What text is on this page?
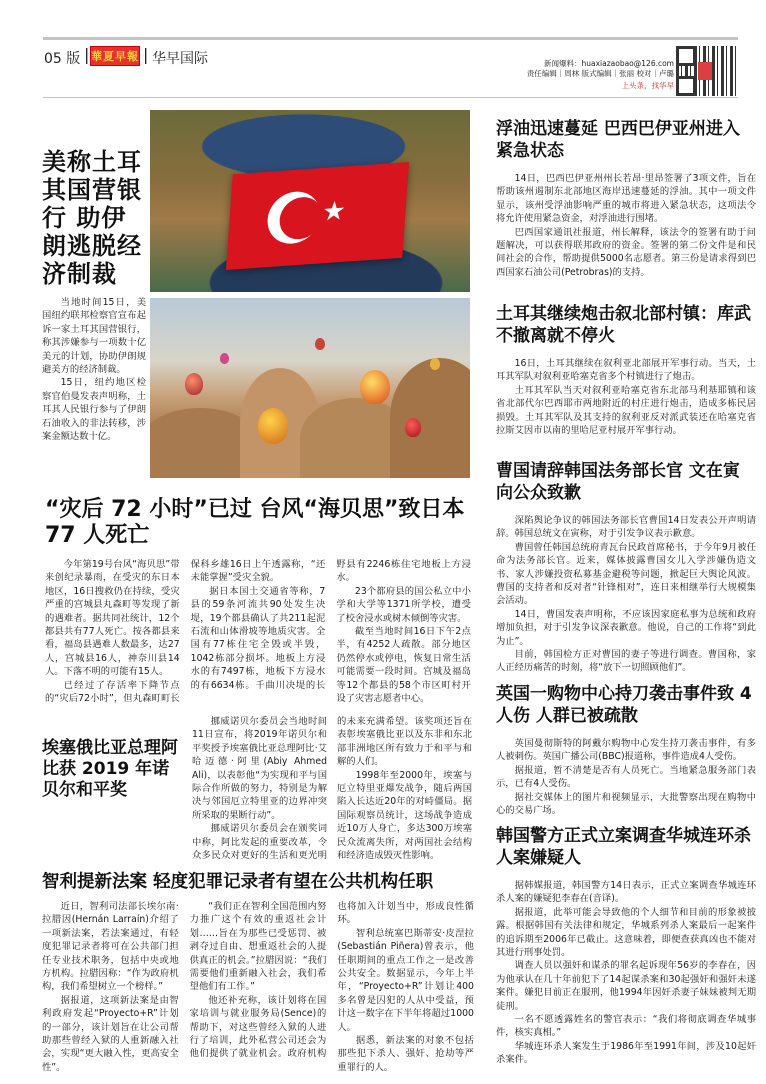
05 版 | 華夏早報 | 华早国际	新闻爆料：huaxiazaobao@126.com
责任编辑｜周林 版式编辑｜张丽 校对｜卢璐
上头条，找华早
美称土耳其国营银行 助伊朗逃脱经济制裁

当地时间15日，美国纽约联邦检察官宣布起诉一家土耳其国营银行，称其涉嫌参与一项数十亿美元的计划，协助伊朗规避美方的经济制裁。

15日，纽约地区检察官伯曼发表声明称，土耳其人民银行参与了伊朗石油收入的非法转移，涉案金额达数十亿。

★
“灾后 72 小时”已过 台风“海贝思”致日本 77 人死亡

今年第19号台风“海贝思”带来创纪录暴雨，在受灾的东日本地区，16日搜救仍在持续，受灾严重的宫城县丸森町等发现了新的遇难者。据共同社统计，12个都县共有77人死亡。按各都县来看，福岛县遇难人数最多，达27人，宫城县16人，神奈川县14人。下落不明的可能有15人。

已经过了存活率下降节点的“灾后72小时”，但丸森町町长保科乡雄16日上午透露称，“还未能掌握”受灾全貌。

据日本国土交通省等称，7县的59条河流共90处发生决堤，19个都县确认了共211起泥石流和山体滑坡等地质灾害。全国有77栋住宅全毁或半毁，1042栋部分损坏。地板上方浸水的有7497栋，地板下方浸水的有6634栋。千曲川决堤的长野县有2246栋住宅地板上方浸水。

23个都府县的国公私立中小学和大学等1371所学校，遭受了校舍浸水或树木倾倒等灾害。

截至当地时间16日下午2点半，有4252人疏散。部分地区仍然停水或停电，恢复日常生活可能需要一段时间。宫城及福岛等12个都县的58个市区町村开设了灾害志愿者中心。

埃塞俄比亚总理阿比获 2019 年诺贝尔和平奖

挪威诺贝尔委员会当地时间11日宣布，将2019年诺贝尔和平奖授予埃塞俄比亚总理阿比·艾哈迈德·阿里(Abiy Ahmed Ali)，以表彰他“为实现和平与国际合作所做的努力，特别是为解决与邻国厄立特里亚的边界冲突所采取的果断行动”。

挪威诺贝尔委员会在颁奖词中称，阿比发起的重要改革，令众多民众对更好的生活和更光明的未来充满希望。该奖项还旨在表彰埃塞俄比亚以及东非和东北部非洲地区所有致力于和平与和解的人们。

1998年至2000年，埃塞与厄立特里亚爆发战争，随后两国陷入长达近20年的对峙僵局。据国际观察员统计，这场战争造成近10万人身亡，多达300万埃塞民众流离失所，对两国社会结构和经济造成毁灭性影响。

智利提新法案 轻度犯罪记录者有望在公共机构任职

近日，智利司法部长埃尔南·拉腊因(Hernán Larraín)介绍了一项新法案，若法案通过，有轻度犯罪记录者将可在公共部门担任专业技术职务，包括中央或地方机构。拉腊因称：“作为政府机构，我们希望树立一个榜样。”

据报道，这项新法案是由智利政府发起“Proyecto+R”计划的一部分，该计划旨在让公司帮助那些曾经入狱的人重新融入社会，实现“更大融入性，更高安全性”。

“我们正在智利全国范围内努力推广这个有效的重返社会计划……旨在为那些已受惩罚、被剥夺过自由、想重返社会的人提供真正的机会。”拉腊因说：“我们需要他们重新融入社会，我们希望他们有工作。”

他还补充称，该计划将在国家培训与就业服务局(Sence)的帮助下，对这些曾经入狱的人进行了培训，此外私营公司还会为他们提供了就业机会。政府机构也将加入计划当中，形成良性循环。

智利总统塞巴斯蒂安·皮涅拉(Sebastián Piñera)曾表示，他任职期间的重点工作之一是改善公共安全。数据显示，今年上半年，“Proyecto+R”计划让400多名曾是囚犯的人从中受益，预计这一数字在下半年将超过1000人。

据悉，新法案的对象不包括那些犯下杀人、强奸、抢劫等严重罪行的人。

浮油迅速蔓延 巴西巴伊亚州进入紧急状态

14日，巴西巴伊亚州州长若昂·里昂签署了3项文件，旨在帮助该州遏制东北部地区海岸迅速蔓延的浮油。其中一项文件显示，该州受浮油影响严重的城市将进入紧急状态，这项法令将允许使用紧急资金，对浮油进行围堵。

巴西国家通讯社报道，州长解释，该法令的签署有助于问题解决，可以获得联邦政府的资金。签署的第二份文件是和民间社会的合作，帮助提供5000名志愿者。第三份是请求得到巴西国家石油公司(Petrobras)的支持。

土耳其继续炮击叙北部村镇：库武不撤离就不停火

16日，土耳其继续在叙利亚北部展开军事行动。当天，土耳其军队对叙利亚哈塞克省多个村镇进行了炮击。

土耳其军队当天对叙利亚哈塞克省东北部马利基耶镇和该省北部代尔巴西耶市两地附近的村庄进行炮击，造成多栋民居损毁。土耳其军队及其支持的叙利亚反对派武装还在哈塞克省拉斯艾因市以南的里哈尼亚村展开军事行动。

曹国请辞韩国法务部长官 文在寅向公众致歉

深陷舆论争议的韩国法务部长官曹国14日发表公开声明请辞。韩国总统文在寅称，对于引发争议表示歉意。

曹国曾任韩国总统府青瓦台民政首席秘书，于今年9月被任命为法务部长官。近来，媒体披露曹国女儿入学涉嫌伪造文书、家人涉嫌投资私募基金避税等问题，掀起巨大舆论风波。曹国的支持者和反对者“针锋相对”，连日来相继举行大规模集会活动。

14日，曹国发表声明称，不应该因家庭私事为总统和政府增加负担，对于引发争议深表歉意。他说，自己的工作将“到此为止”。

目前，韩国检方正对曹国的妻子等进行调查。曹国称，家人正经历痛苦的时刻，将“放下一切照顾他们”。

英国一购物中心持刀袭击事件致 4 人伤 人群已被疏散

英国曼彻斯特的阿戴尔购物中心发生持刀袭击事件，有多人被刺伤。英国广播公司(BBC)报道称，事件造成4人受伤。

据报道，暂不清楚是否有人员死亡。当地紧急服务部门表示，已有4人受伤。

据社交媒体上的图片和视频显示，大批警察出现在购物中心的交易广场。

韩国警方正式立案调查华城连环杀人案嫌疑人

据韩媒报道，韩国警方14日表示，正式立案调查华城连环杀人案的嫌疑犯李春在(音译)。

据报道，此举可能会导致他的个人细节和目前的形象被披露。根据韩国有关法律和规定，华城系列杀人案最后一起案件的追诉期至2006年已截止。这意味着，即便查获真凶也不能对其进行刑事处罚。

调查人员以强奸和谋杀的罪名起诉现年56岁的李春在，因为他承认在几十年前犯下了14起谋杀案和30起强奸和强奸未遂案件。嫌犯目前正在服刑，他1994年因奸杀妻子妹妹被判无期徒刑。

一名不愿透露姓名的警官表示：“我们将彻底调查华城事件，核实真相。”

华城连环杀人案发生于1986年至1991年间，涉及10起奸杀案件。
